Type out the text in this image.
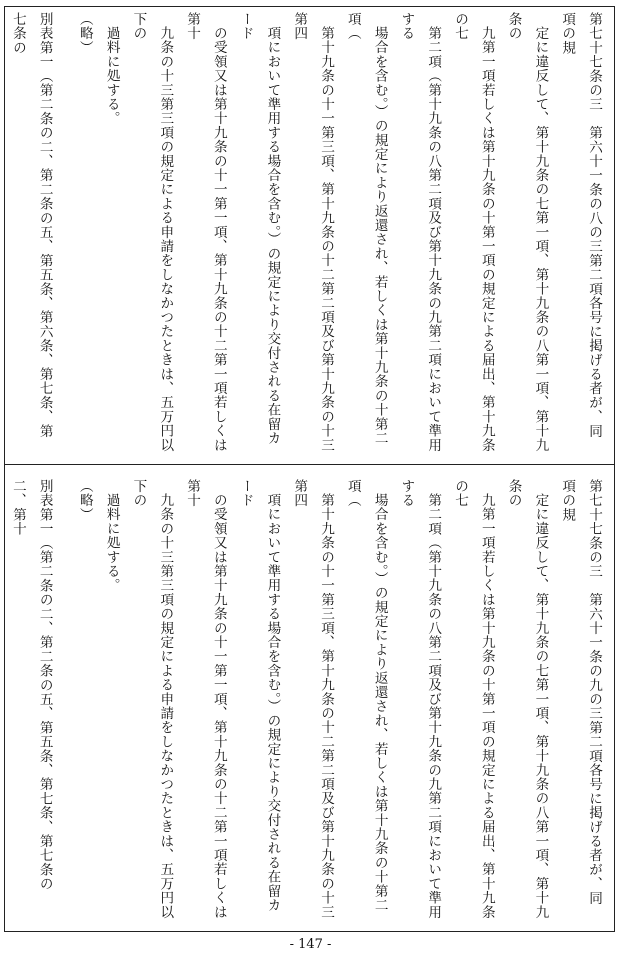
第七十七条の三　第六十一条の八の三第二項各号に掲げる者が、同項の規

定に違反して、第十九条の七第一項、第十九条の八第一項、第十九条の

九第一項若しくは第十九条の十第一項の規定による届出、第十九条の七

第二項（第十九条の八第二項及び第十九条の九第二項において準用する

場合を含む。）の規定により返還され、若しくは第十九条の十第二項（

第十九条の十一第三項、第十九条の十二第二項及び第十九条の十三第四

項において準用する場合を含む。）の規定により交付される在留カード

の受領又は第十九条の十一第一項、第十九条の十二第一項若しくは第十

九条の十三第三項の規定による申請をしなかつたときは、五万円以下の

過料に処する。

（略）

別表第一（第二条の二、第二条の五、第五条、第六条、第七条、第七条の

第七十七条の三　第六十一条の九の三第二項各号に掲げる者が、同項の規

定に違反して、第十九条の七第一項、第十九条の八第一項、第十九条の

九第一項若しくは第十九条の十第一項の規定による届出、第十九条の七

第二項（第十九条の八第二項及び第十九条の九第二項において準用する

場合を含む。）の規定により返還され、若しくは第十九条の十第二項（

第十九条の十一第三項、第十九条の十二第二項及び第十九条の十三第四

項において準用する場合を含む。）の規定により交付される在留カード

の受領又は第十九条の十一第一項、第十九条の十二第一項若しくは第十

九条の十三第三項の規定による申請をしなかつたときは、五万円以下の

過料に処する。

（略）

別表第一（第二条の二、第二条の五、第五条、第七条、第七条の二、第十

- 147 -
